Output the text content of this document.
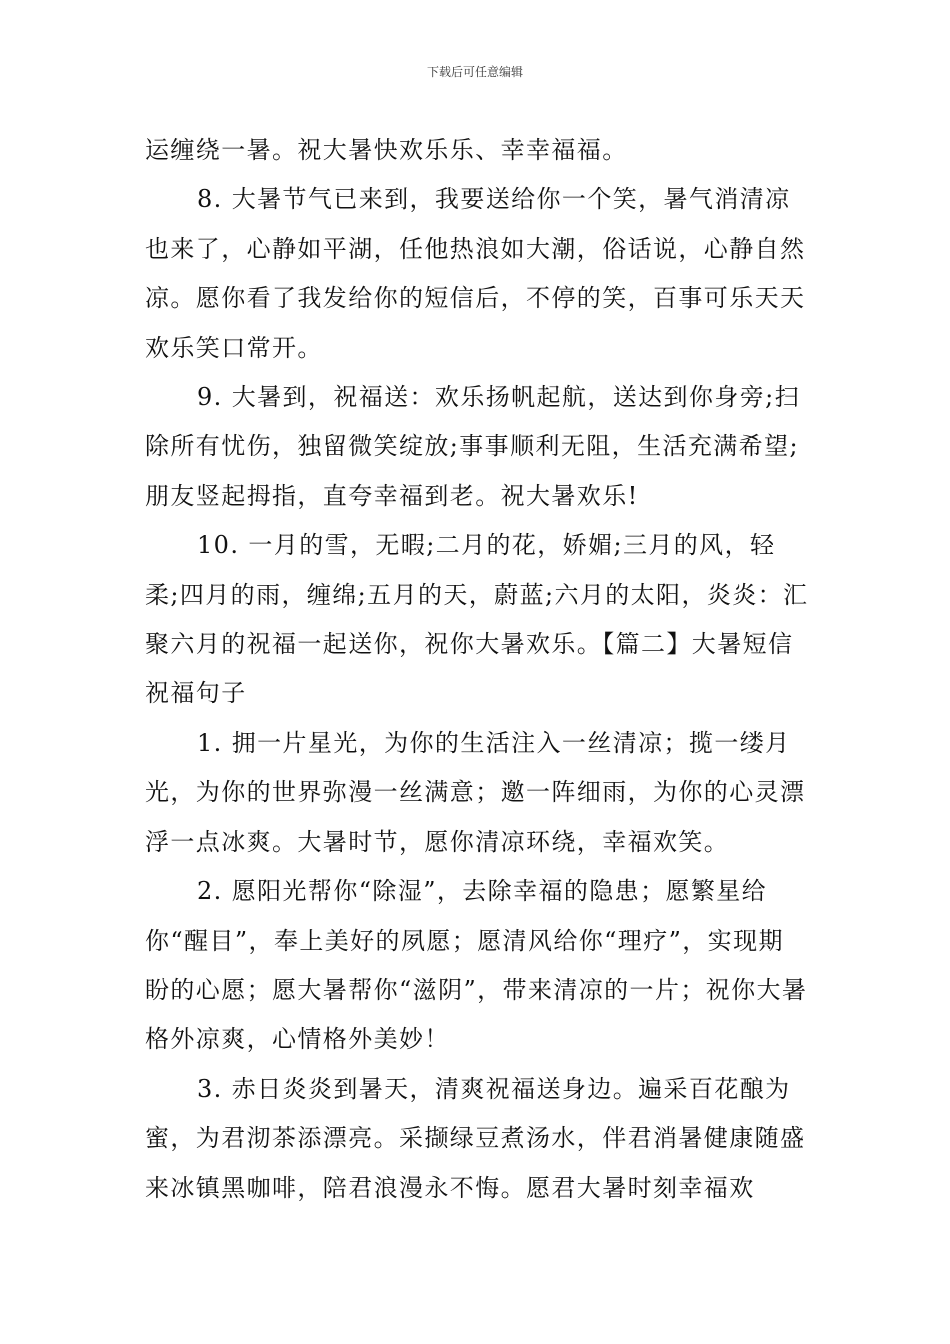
下载后可任意编辑

运缠绕一暑。祝大暑快欢乐乐、幸幸福福。

8. 大暑节气已来到，我要送给你一个笑，暑气消清凉也来了，心静如平湖，任他热浪如大潮，俗话说，心静自然凉。愿你看了我发给你的短信后，不停的笑，百事可乐天天欢乐笑口常开。

9. 大暑到，祝福送：欢乐扬帆起航，送达到你身旁;扫除所有忧伤，独留微笑绽放;事事顺利无阻，生活充满希望;朋友竖起拇指，直夸幸福到老。祝大暑欢乐!

10. 一月的雪，无暇;二月的花，娇媚;三月的风，轻柔;四月的雨，缠绵;五月的天，蔚蓝;六月的太阳，炎炎：汇聚六月的祝福一起送你，祝你大暑欢乐。【篇二】大暑短信祝福句子

1. 拥一片星光，为你的生活注入一丝清凉；揽一缕月光，为你的世界弥漫一丝满意；邀一阵细雨，为你的心灵漂浮一点冰爽。大暑时节，愿你清凉环绕，幸福欢笑。

2. 愿阳光帮你“除湿”，去除幸福的隐患；愿繁星给你“醒目”，奉上美好的夙愿；愿清风给你“理疗”，实现期盼的心愿；愿大暑帮你“滋阴”，带来清凉的一片；祝你大暑格外凉爽，心情格外美妙！

3. 赤日炎炎到暑天，清爽祝福送身边。遍采百花酿为蜜，为君沏茶添漂亮。采撷绿豆煮汤水，伴君消暑健康随盛来冰镇黑咖啡，陪君浪漫永不悔。愿君大暑时刻幸福欢
